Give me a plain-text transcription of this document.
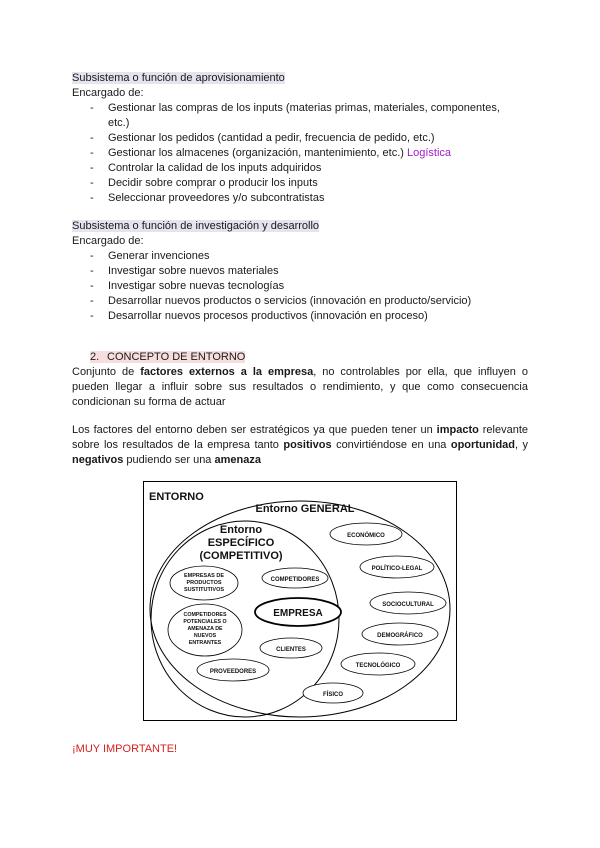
Subsistema o función de aprovisionamiento
Encargado de:
- Gestionar las compras de los inputs (materias primas, materiales, componentes,
etc.)
- Gestionar los pedidos (cantidad a pedir, frecuencia de pedido, etc.)
- Gestionar los almacenes (organización, mantenimiento, etc.) Logística
- Controlar la calidad de los inputs adquiridos
- Decidir sobre comprar o producir los inputs
- Seleccionar proveedores y/o subcontratistas
Subsistema o función de investigación y desarrollo
Encargado de:
- Generar invenciones
- Investigar sobre nuevos materiales
- Investigar sobre nuevas tecnologías
- Desarrollar nuevos productos o servicios (innovación en producto/servicio)
- Desarrollar nuevos procesos productivos (innovación en proceso)
2. CONCEPTO DE ENTORNO
Conjunto de factores externos a la empresa, no controlables por ella, que influyen o
pueden llegar a influir sobre sus resultados o rendimiento, y que como consecuencia
condicionan su forma de actuar
Los factores del entorno deben ser estratégicos ya que pueden tener un impacto relevante
sobre los resultados de la empresa tanto positivos convirtiéndose en una oportunidad, y
negativos pudiendo ser una amenaza
ENTORNO
Entorno GENERAL
Entorno
ESPECÍFICO
(COMPETITIVO)
EMPRESA
COMPETIDORES
CLIENTES
PROVEEDORES
EMPRESAS DE
PRODUCTOS
SUSTITUTIVOS
COMPETIDORES
POTENCIALES O
AMENAZA DE
NUEVOS
ENTRANTES
ECONÓMICO
POLÍTICO-LEGAL
SOCIOCULTURAL
DEMOGRÁFICO
TECNOLÓGICO
FÍSICO
¡MUY IMPORTANTE!
